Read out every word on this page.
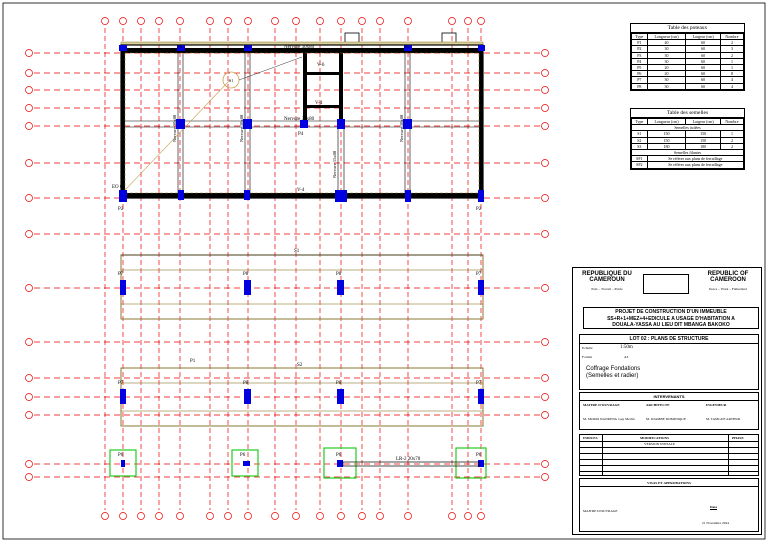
P6	P6	P6
Nervure 30x80
Nervure 30x80
V-6
V-4
P4
EO 0
P2	P2
V-4
S1
P7	P8	P8	P7
P1
S2
P7	P8	P8	P7
P6	P6	P6	P6
LR-2 20x70
S1
Nervure 30x80	Nervure 30x80
Nervure 15x80
Nervure 30x80
Table des poteaux
Type	Longueur (cm)	Largeur (cm)	Nombre
P1	40	60	2
P2	30	60	3
P3	30	60	2
P4	30	60	1
P5	20	60	1
P6	20	60	8
P7	30	60	4
P8	30	60	4
Table des semelles
Type	Longueur (cm)	Largeur (cm)	Nombre
Semelles isolées			
S1	150	150	1
S2	150	150	2
S3	180	180	2
Semelles filantes			
SF1	Se référer aux plans de ferraillage		
SF2	Se référer aux plans de ferraillage		
REPUBLIQUE DU CAMEROUN
Paix – Travail – Patrie
REPUBLIC OF CAMEROON
Peace – Work – Fatherland
PROJET DE CONSTRUCTION D'UN IMMEUBLE
SS+R+1+MEZ+4+EDICULE A USAGE D'HABITATION A
DOUALA-YASSA AU LIEU DIT MBANGA BAKOKO
LOT 02 : PLANS DE STRUCTURE
Echelle	1:50m
Format	A3
Coffrage Fondations
(Semelles et radier)
INTERVENANTS
MAITRE D'OUVRAGE	ARCHITECTE	INGENIEUR
M. MOMO NANKENG Guy Merlin	M. DJAMBE DOMINIQUE	M. TAMGUE ARTHUR
INDICES	MODIFICATIONS	PHASE
VERSION INITIALE
VISAS ET APPROBATIONS
MAITRE D'OUVRAGE
Date
21 Novembre 2024
